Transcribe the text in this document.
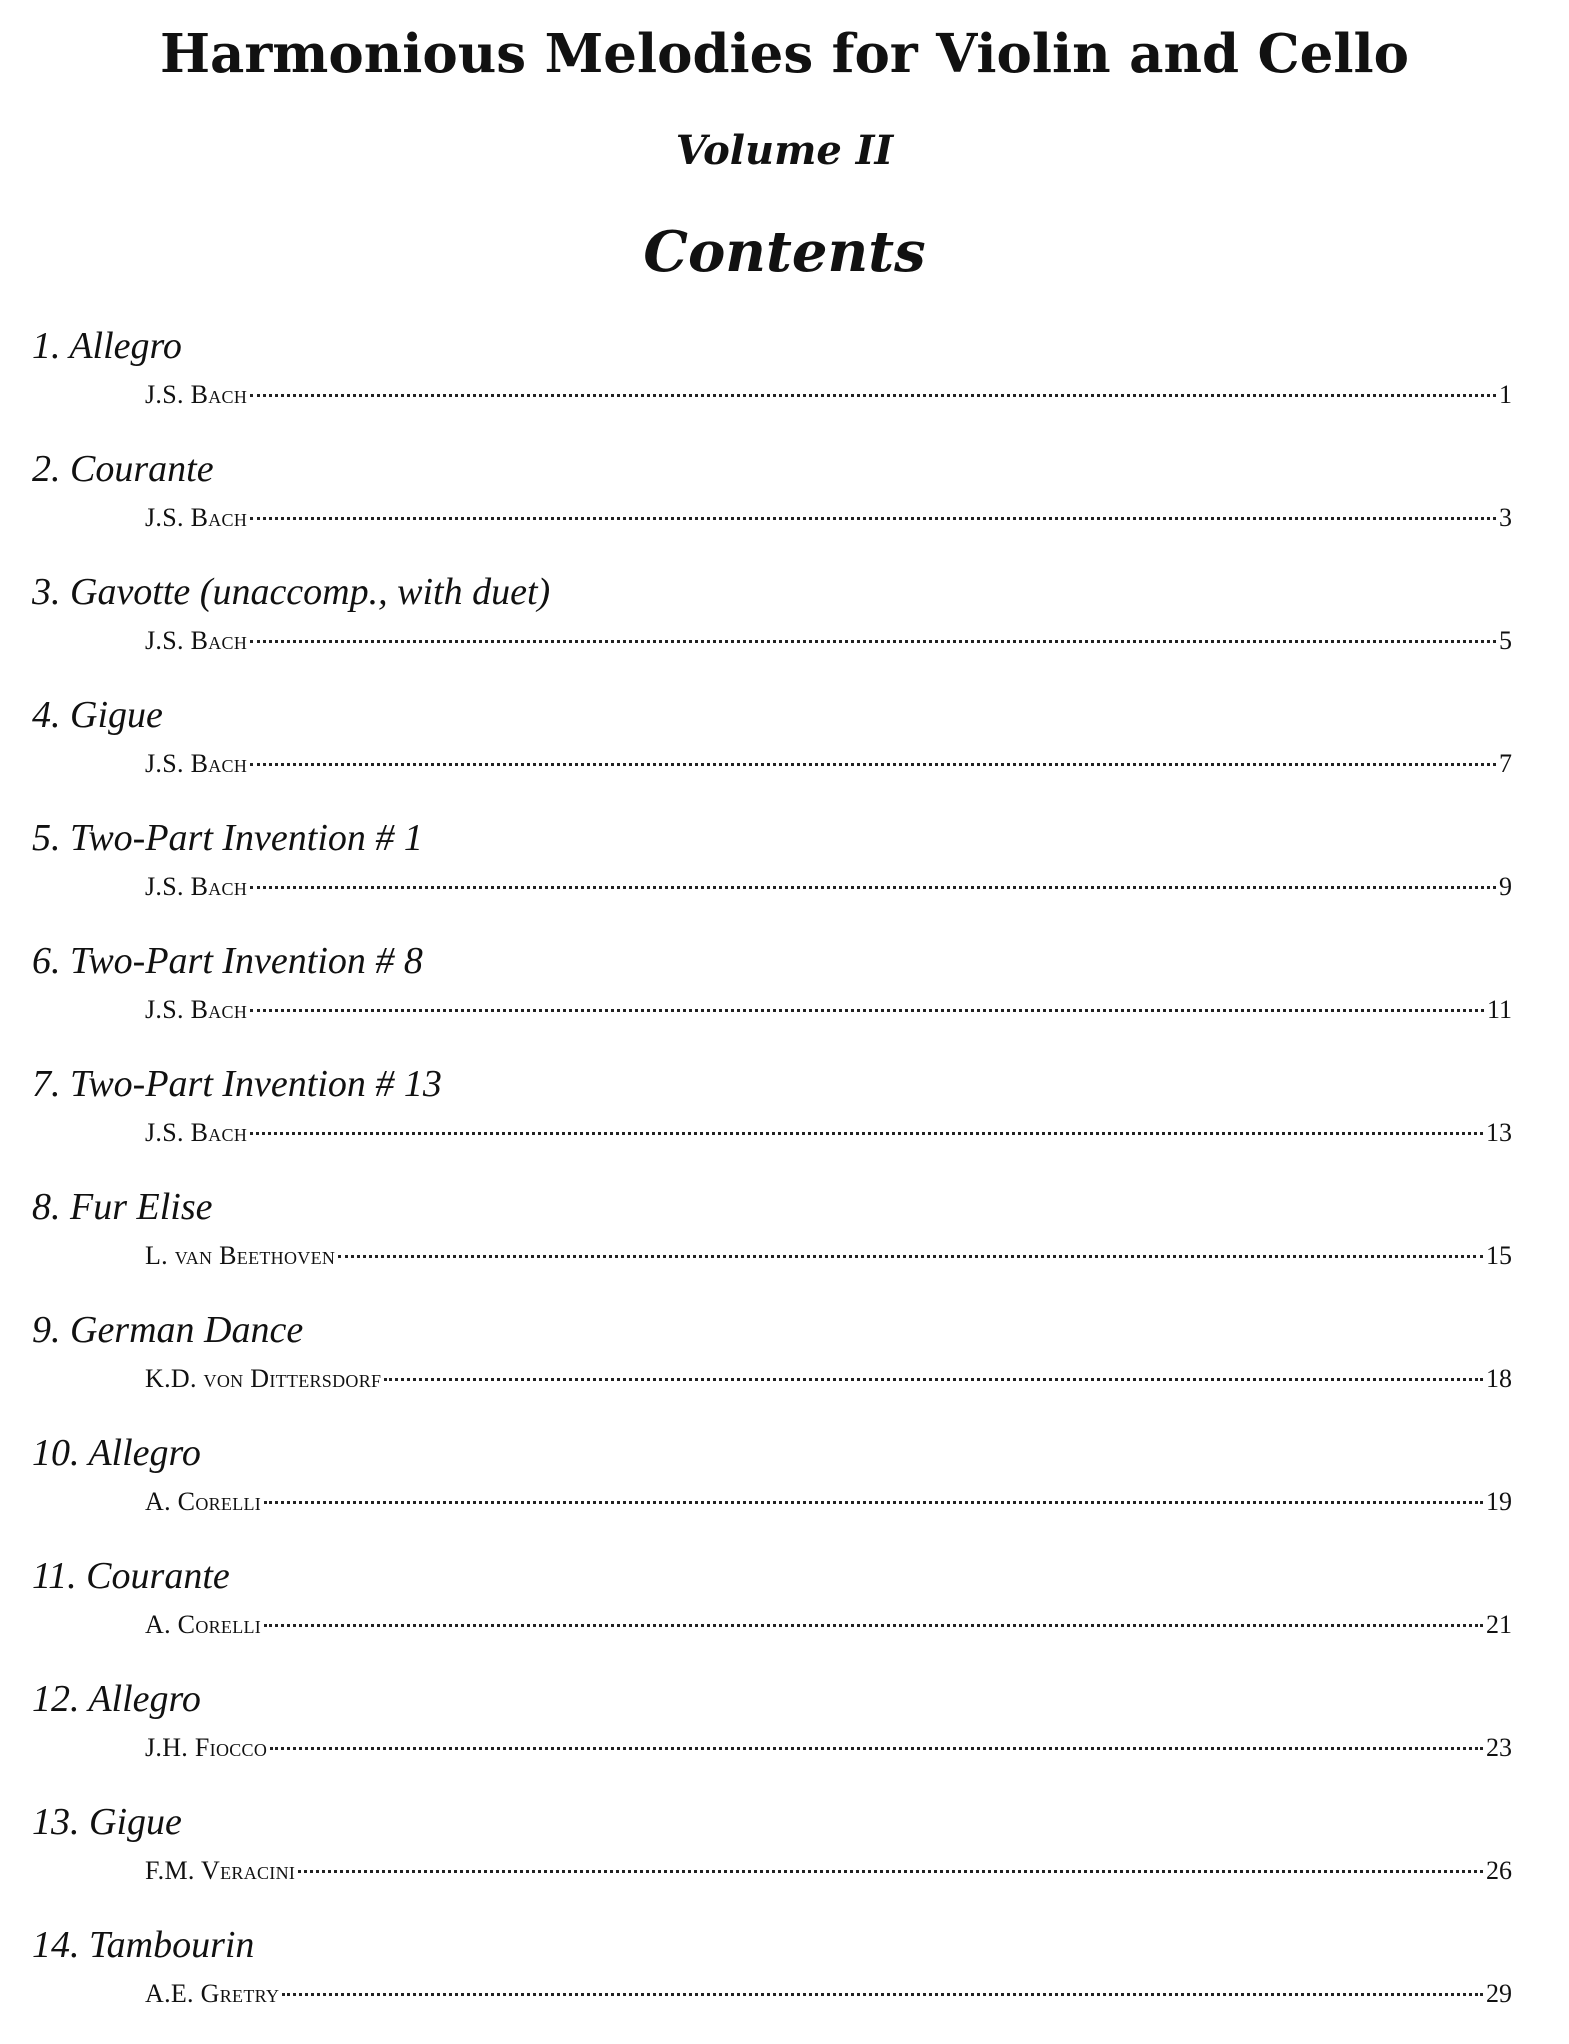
Harmonious Melodies for Violin and Cello
Volume II
Contents
1. Allegro
J.S. Bach	1
2. Courante
J.S. Bach	3
3. Gavotte (unaccomp., with duet)
J.S. Bach	5
4. Gigue
J.S. Bach	7
5. Two-Part Invention # 1
J.S. Bach	9
6. Two-Part Invention # 8
J.S. Bach	11
7. Two-Part Invention # 13
J.S. Bach	13
8. Fur Elise
L. van Beethoven	15
9. German Dance
K.D. von Dittersdorf	18
10. Allegro
A. Corelli	19
11. Courante
A. Corelli	21
12. Allegro
J.H. Fiocco	23
13. Gigue
F.M. Veracini	26
14. Tambourin
A.E. Gretry	29
